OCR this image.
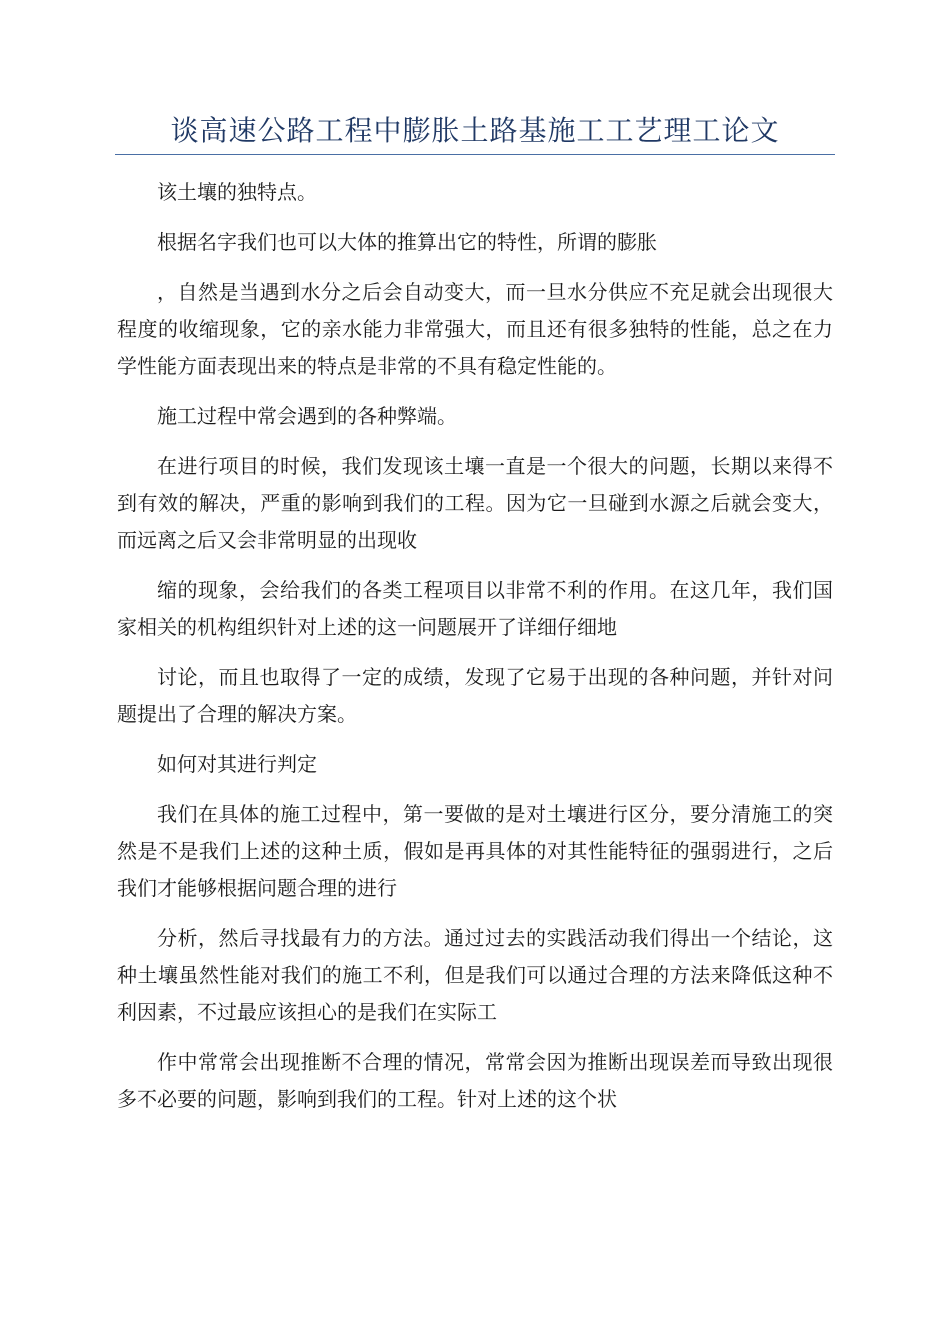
谈高速公路工程中膨胀土路基施工工艺理工论文

该土壤的独特点。

根据名字我们也可以大体的推算出它的特性，所谓的膨胀

，自然是当遇到水分之后会自动变大，而一旦水分供应不充足就会出现很大程度的收缩现象，它的亲水能力非常强大，而且还有很多独特的性能，总之在力学性能方面表现出来的特点是非常的不具有稳定性能的。

施工过程中常会遇到的各种弊端。

在进行项目的时候，我们发现该土壤一直是一个很大的问题，长期以来得不到有效的解决，严重的影响到我们的工程。因为它一旦碰到水源之后就会变大，而远离之后又会非常明显的出现收

缩的现象，会给我们的各类工程项目以非常不利的作用。在这几年，我们国家相关的机构组织针对上述的这一问题展开了详细仔细地

讨论，而且也取得了一定的成绩，发现了它易于出现的各种问题，并针对问题提出了合理的解决方案。

如何对其进行判定

我们在具体的施工过程中，第一要做的是对土壤进行区分，要分清施工的突然是不是我们上述的这种土质，假如是再具体的对其性能特征的强弱进行，之后我们才能够根据问题合理的进行

分析，然后寻找最有力的方法。通过过去的实践活动我们得出一个结论，这种土壤虽然性能对我们的施工不利，但是我们可以通过合理的方法来降低这种不利因素，不过最应该担心的是我们在实际工

作中常常会出现推断不合理的情况，常常会因为推断出现误差而导致出现很多不必要的问题，影响到我们的工程。针对上述的这个状
